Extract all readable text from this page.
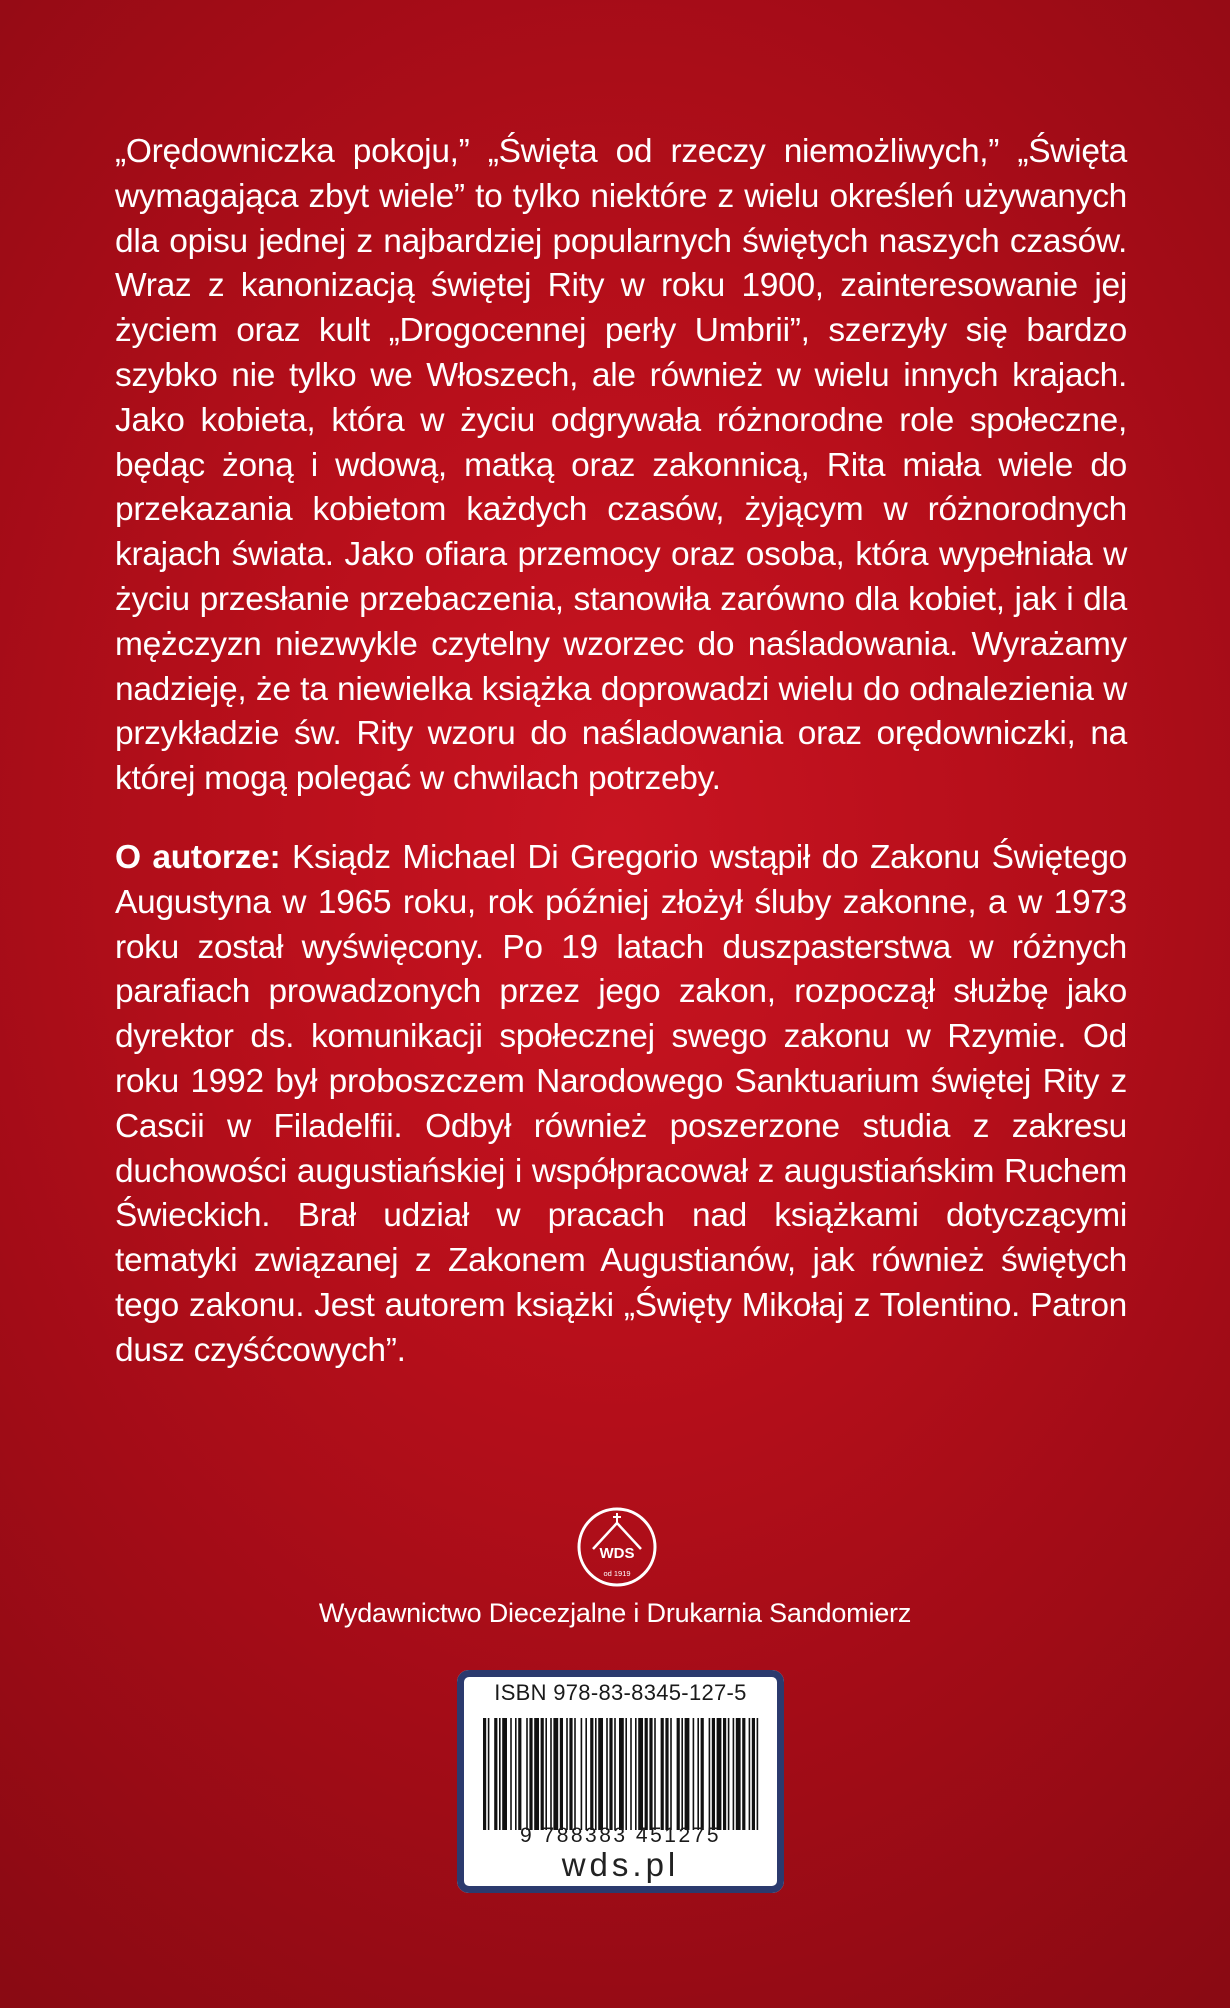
„Orędowniczka pokoju,” „Święta od rzeczy niemożliwych,” „Święta wymagająca zbyt wiele” to tylko niektóre z wielu określeń używanych dla opisu jednej z najbardziej popularnych świętych naszych czasów. Wraz z kanonizacją świętej Rity w roku 1900, zainteresowanie jej życiem oraz kult „Drogocennej perły Umbrii”, szerzyły się bardzo szybko nie tylko we Włoszech, ale również w wielu innych krajach. Jako kobieta, która w życiu odgrywała różnorodne role społeczne, będąc żoną i wdową, matką oraz zakonnicą, Rita miała wiele do przekazania kobietom każdych czasów, żyjącym w różnorodnych krajach świata. Jako ofiara przemocy oraz osoba, która wypełniała w życiu przesłanie przebaczenia, stanowiła zarówno dla kobiet, jak i dla mężczyzn niezwykle czytelny wzorzec do naśladowania. Wyrażamy nadzieję, że ta niewielka książka doprowadzi wielu do odnalezienia w przykładzie św. Rity wzoru do naśladowania oraz orędowniczki, na której mogą polegać w chwilach potrzeby.

O autorze: Ksiądz Michael Di Gregorio wstąpił do Zakonu Świętego Augustyna w 1965 roku, rok później złożył śluby zakonne, a w 1973 roku został wyświęcony. Po 19 latach duszpasterstwa w różnych parafiach prowadzonych przez jego zakon, rozpoczął służbę jako dyrektor ds. komunikacji społecznej swego zakonu w Rzymie. Od roku 1992 był proboszczem Narodowego Sanktuarium świętej Rity z Cascii w Filadelfii. Odbył również poszerzone studia z zakresu duchowości augustiańskiej i współpracował z augustiańskim Ruchem Świeckich. Brał udział w pracach nad książkami dotyczącymi tematyki związanej z Zakonem Augustianów, jak również świętych tego zakonu. Jest autorem książki „Święty Mikołaj z Tolentino. Patron dusz czyśćcowych”.

WDS
od 1919
Wydawnictwo Diecezjalne i Drukarnia Sandomierz
ISBN 978-83-8345-127-5
9 788383 451275
wds.pl
